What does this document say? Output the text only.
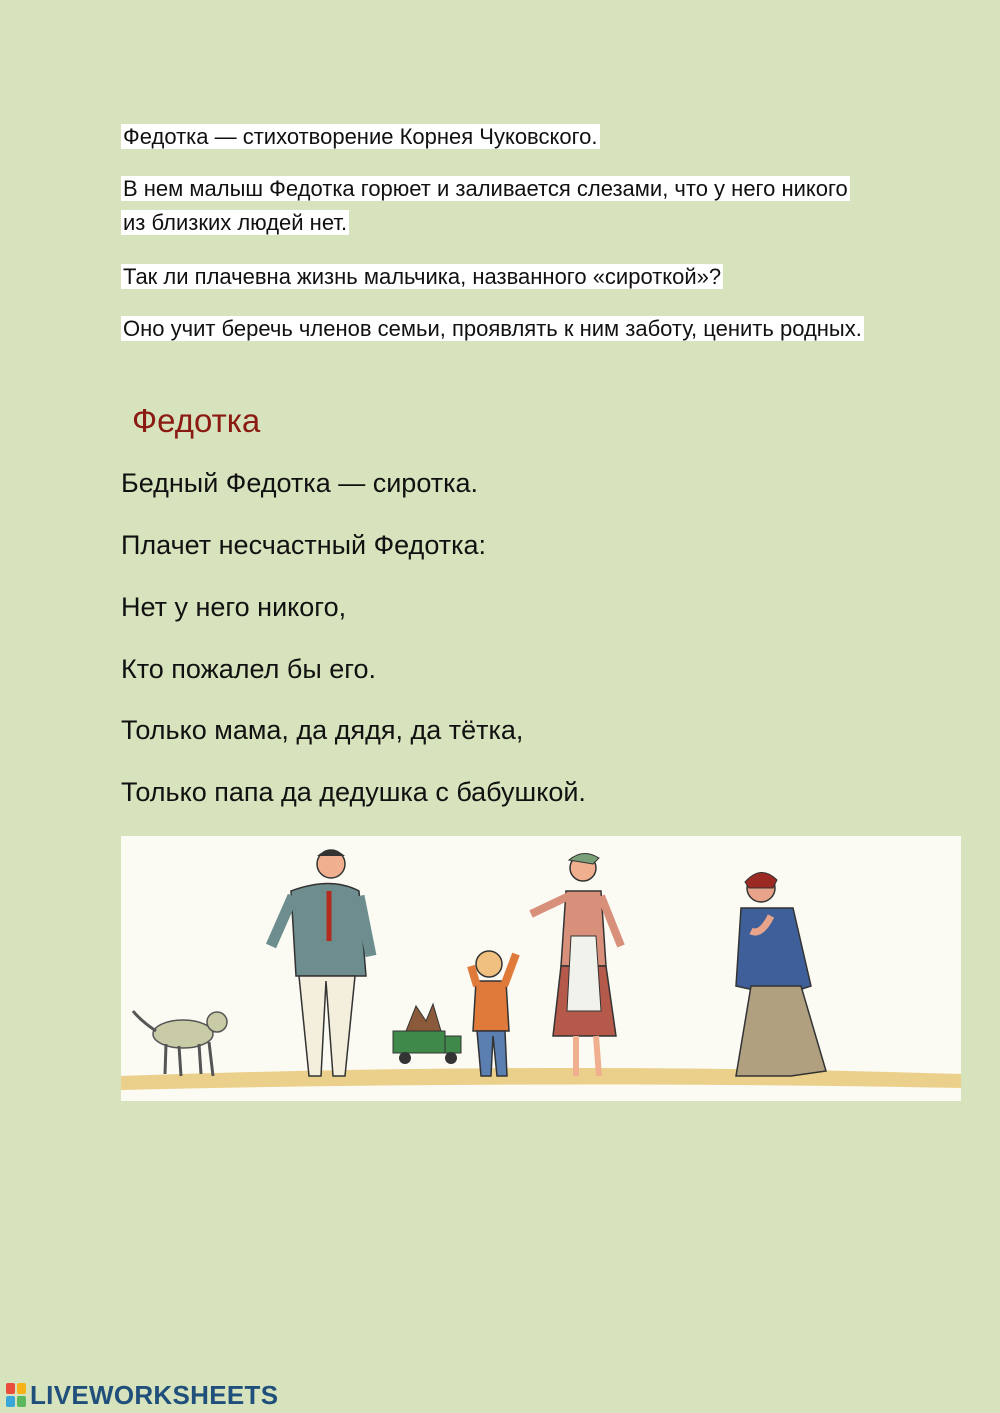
Федотка — стихотворение Корнея Чуковского.
В нем малыш Федотка горюет и заливается слезами, что у него никого из близких людей нет.
Так ли плачевна жизнь мальчика, названного «сироткой»?
Оно учит беречь членов семьи, проявлять к ним заботу, ценить родных.
Федотка
Бедный Федотка — сиротка.
Плачет несчастный Федотка:
Нет у него никого,
Кто пожалел бы его.
Только мама, да дядя, да тётка,
Только папа да дедушка с бабушкой.
LIVEWORKSHEETS
